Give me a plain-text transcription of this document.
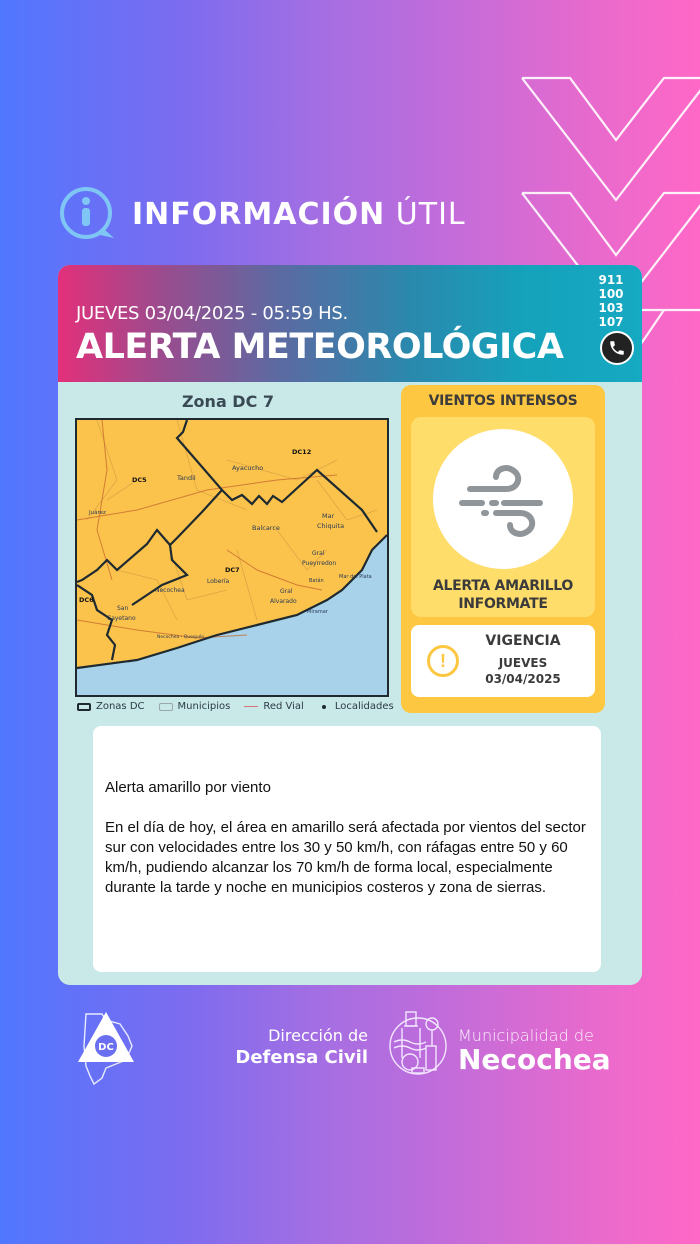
INFORMACIÓN ÚTIL
JUEVES 03/04/2025 - 05:59 HS.
ALERTA METEOROLÓGICA
911
100
103
107
Zona DC 7
Ayacucho
DC12
Tandil
DC5
Juárez
Balcarce
Mar
Chiquita
Gral
Pueyrredon
Mar del Plata
Batán
DC7
Lobería
Necochea	Gral
Alvarado
Miramar
DC6
San
Cayetano
Necochea - Quequén
Zonas DC	Municipios	Red Vial	Localidades
VIENTOS INTENSOS
ALERTA AMARILLO
INFORMATE
!
VIGENCIA
JUEVES
03/04/2025
Alerta amarillo por viento
En el día de hoy, el área en amarillo será afectada por vientos del sector sur con velocidades entre los 30 y 50 km/h, con ráfagas entre 50 y 60 km/h, pudiendo alcanzar los 70 km/h de forma local, especialmente durante la tarde y noche en municipios costeros y zona de sierras.
DC
Dirección de
Defensa Civil
Municipalidad de
Necochea
